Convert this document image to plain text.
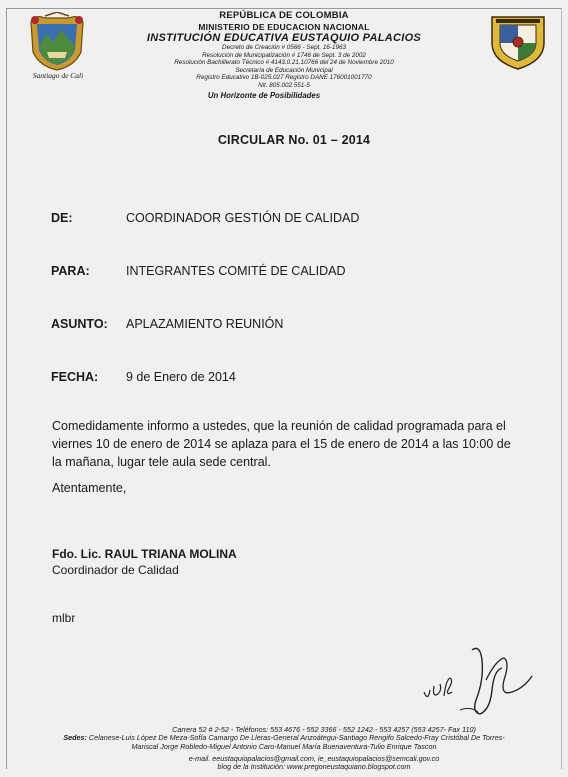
Santiago de Cali
REPÚBLICA DE COLOMBIA
MINISTERIO DE EDUCACION NACIONAL
INSTITUCIÓN EDUCATIVA EUSTAQUIO PALACIOS
Decreto de Creación # 0566 - Sept. 16-1963
Resolución de Municipalización # 1746 de Sept. 3 de 2002
Resolución Bachillerato Técnico # 4143.0.21.10766 del 24 de Noviembre 2010
Secretaría de Educación Municipal
Registro Educativo 1B-025.027 Registro DANE 176001001770
Nit. 805.002.551-5
Un Horizonte de Posibilidades
CIRCULAR No. 01 – 2014
DE:	COORDINADOR GESTIÓN DE CALIDAD
PARA:	INTEGRANTES COMITÉ DE CALIDAD
ASUNTO: APLAZAMIENTO REUNIÓN
FECHA: 9 de Enero de 2014
Comedidamente informo a ustedes, que la reunión de calidad programada para el
viernes 10 de enero de 2014 se aplaza para el 15 de enero de 2014 a las 10:00 de
la mañana, lugar tele aula sede central.
Atentamente,
Fdo. Lic. RAUL TRIANA MOLINA
Coordinador de Calidad
mlbr
Carrera 52 # 2-52 - Teléfonos: 553 4676 - 552 3366 - 552 1242 - 553 4257 (553 4257- Fax 110)
Sedes: Celanese-Luis López De Meza-Sofía Camargo De Lleras-General Anzoátegui-Santiago Rengifo Salcedo-Fray Cristóbal De Torres-
Mariscal Jorge Robledo-Miguel Antonio Caro-Manuel María Buenaventura-Tulio Enrique Tascon
e-mail. eeustaquiopalacios@gmail.com, ie_eustaquiopalacios@semcali.gov.co
blog de la Institución: www.pregoneustaquiano.blogspot.com
